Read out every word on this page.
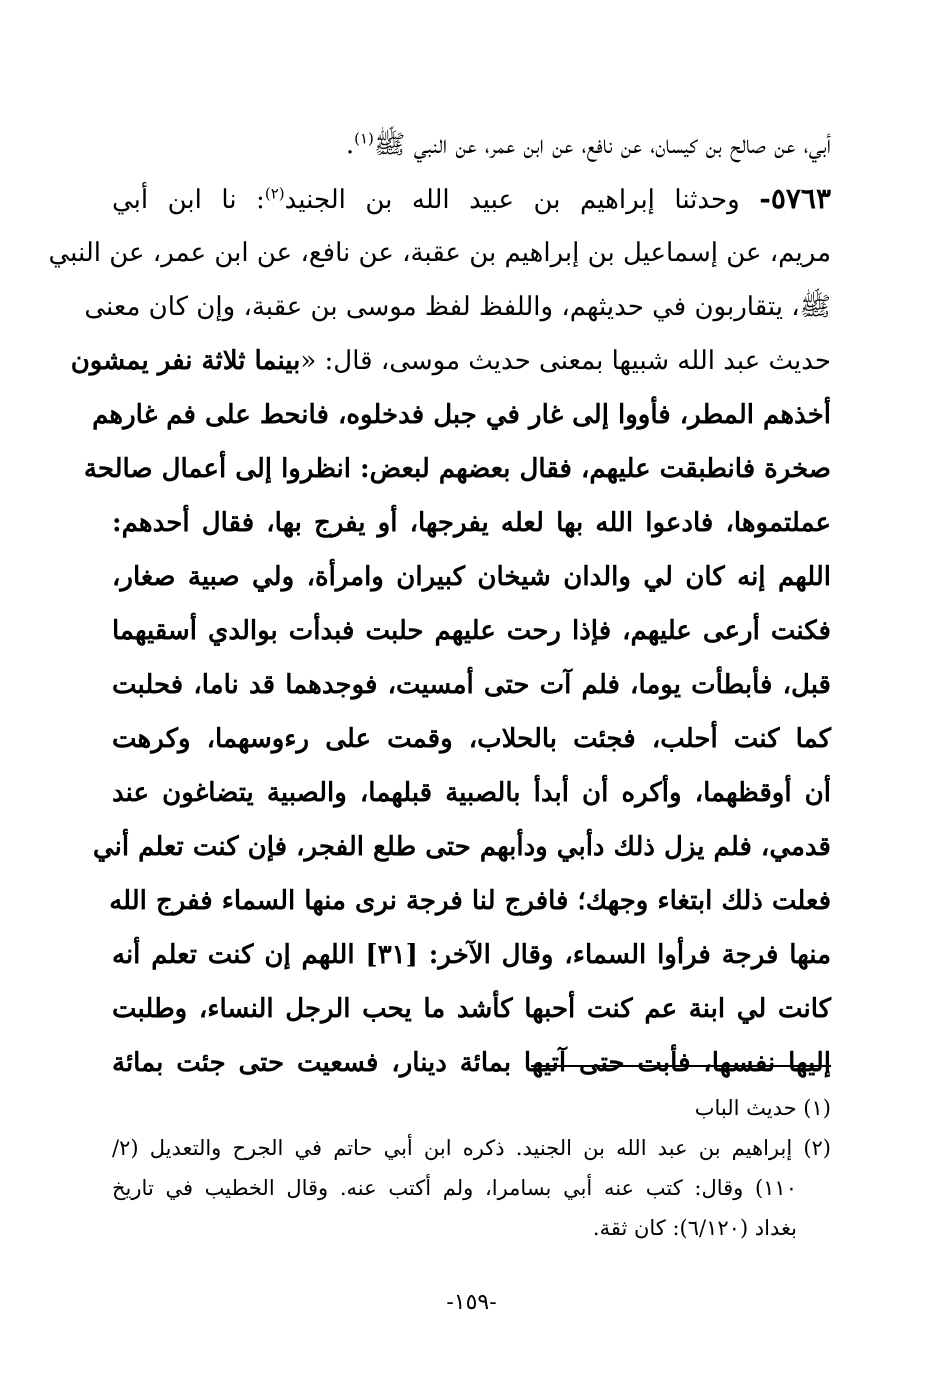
أبي، عن صالح بن كيسان، عن نافع، عن ابن عمر، عن النبي ﷺ$^{(١)}$.
٥٧٦٣- وحدثنا إبراهيم بن عبيد الله بن الجنيد$^{(٢)}$: نا ابن أبي
مريم، عن إسماعيل بن إبراهيم بن عقبة، عن نافع، عن ابن عمر، عن النبي
ﷺ، يتقاربون في حديثهم، واللفظ لفظ موسى بن عقبة، وإن كان معنى
حديث عبد الله شبيها بمعنى حديث موسى، قال: «بينما ثلاثة نفر يمشون
أخذهم المطر، فأووا إلى غار في جبل فدخلوه، فانحط على فم غارهم
صخرة فانطبقت عليهم، فقال بعضهم لبعض: انظروا إلى أعمال صالحة
عملتموها، فادعوا الله بها لعله يفرجها، أو يفرج بها، فقال أحدهم:
اللهم إنه كان لي والدان شيخان كبيران وامرأة، ولي صبية صغار،
فكنت أرعى عليهم، فإذا رحت عليهم حلبت فبدأت بوالدي أسقيهما
قبل، فأبطأت يوما، فلم آت حتى أمسيت، فوجدهما قد ناما، فحلبت
كما كنت أحلب، فجئت بالحلاب، وقمت على رءوسهما، وكرهت
أن أوقظهما، وأكره أن أبدأ بالصبية قبلهما، والصبية يتضاغون عند
قدمي، فلم يزل ذلك دأبي ودأبهم حتى طلع الفجر، فإن كنت تعلم أني
فعلت ذلك ابتغاء وجهك؛ فافرج لنا فرجة نرى منها السماء ففرج الله
منها فرجة فرأوا السماء، وقال الآخر: [٣١] اللهم إن كنت تعلم أنه
كانت لي ابنة عم كنت أحبها كأشد ما يحب الرجل النساء، وطلبت
إليها نفسها، فأبت حتى آتيها بمائة دينار، فسعيت حتى جئت بمائة
(١) حديث الباب
(٢) إبراهيم بن عبد الله بن الجنيد. ذكره ابن أبي حاتم في الجرح والتعديل (٢/
١١٠) وقال: كتب عنه أبي بسامرا، ولم أكتب عنه. وقال الخطيب في تاريخ
بغداد (٦/١٢٠): كان ثقة.
-١٥٩-
